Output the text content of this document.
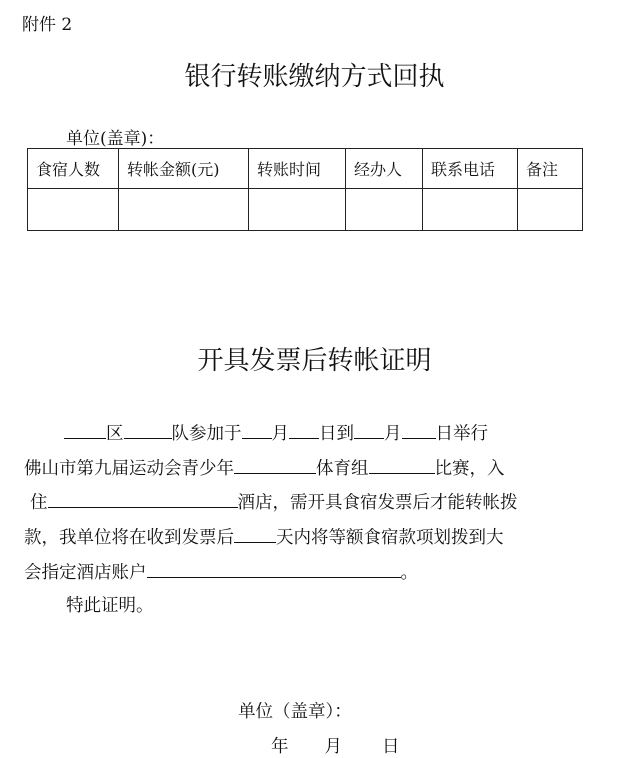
附件 2
银行转账缴纳方式回执
单位(盖章)：
食宿人数	转帐金额(元)	转账时间	经办人	联系电话	备注

开具发票后转帐证明
区	队参加于 月 日到 月 日举行
佛山市第九届运动会青少年	体育组	比赛，入
住	酒店，需开具食宿发票后才能转帐拨
款，我单位将在收到发票后 天内将等额食宿款项划拨到大
会指定酒店账户	。
特此证明。
单位（盖章）：
年 月 日
